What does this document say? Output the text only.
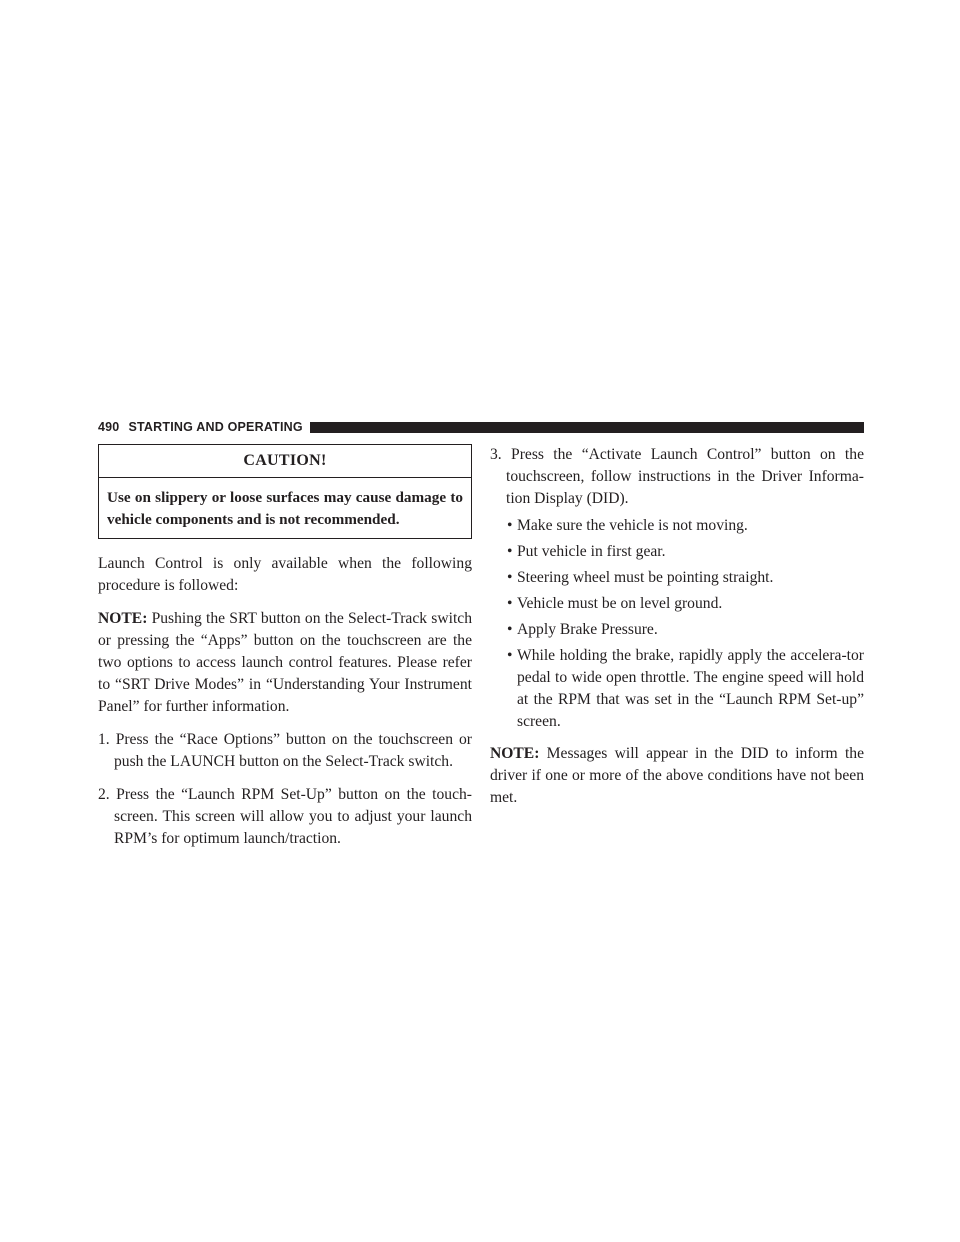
490 STARTING AND OPERATING
CAUTION!
Use on slippery or loose surfaces may cause damage to vehicle components and is not recommended.

Launch Control is only available when the following procedure is followed:

NOTE: Pushing the SRT button on the Select-Track switch or pressing the “Apps” button on the touchscreen are the two options to access launch control features. Please refer to “SRT Drive Modes” in “Understanding Your Instrument Panel” for further information.

1. Press the “Race Options” button on the touchscreen or push the LAUNCH button on the Select-Track switch.

2. Press the “Launch RPM Set-Up” button on the touch-screen. This screen will allow you to adjust your launch RPM’s for optimum launch/traction.

3. Press the “Activate Launch Control” button on the touchscreen, follow instructions in the Driver Informa-tion Display (DID).

• Make sure the vehicle is not moving.
• Put vehicle in first gear.
• Steering wheel must be pointing straight.
• Vehicle must be on level ground.
• Apply Brake Pressure.
• While holding the brake, rapidly apply the accelera-tor pedal to wide open throttle. The engine speed will hold at the RPM that was set in the “Launch RPM Set-up” screen.

NOTE: Messages will appear in the DID to inform the driver if one or more of the above conditions have not been met.
